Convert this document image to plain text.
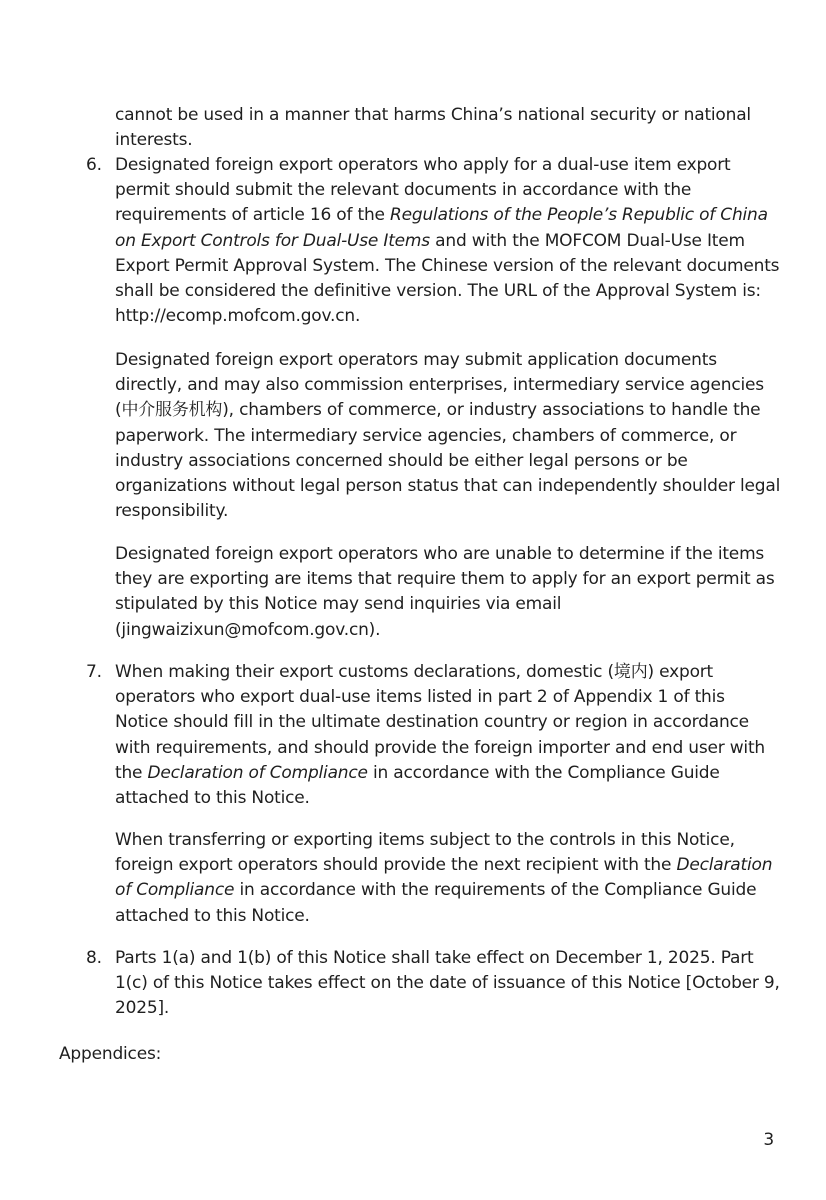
cannot be used in a manner that harms China’s national security or national interests.

6. Designated foreign export operators who apply for a dual-use item export permit should submit the relevant documents in accordance with the requirements of article 16 of the Regulations of the People’s Republic of China on Export Controls for Dual-Use Items and with the MOFCOM Dual-Use Item Export Permit Approval System. The Chinese version of the relevant documents shall be considered the definitive version. The URL of the Approval System is: http://ecomp.mofcom.gov.cn.

Designated foreign export operators may submit application documents directly, and may also commission enterprises, intermediary service agencies (中介服务机构), chambers of commerce, or industry associations to handle the paperwork. The intermediary service agencies, chambers of commerce, or industry associations concerned should be either legal persons or be organizations without legal person status that can independently shoulder legal responsibility.

Designated foreign export operators who are unable to determine if the items they are exporting are items that require them to apply for an export permit as stipulated by this Notice may send inquiries via email (jingwaizixun@mofcom.gov.cn).

7. When making their export customs declarations, domestic (境内) export operators who export dual-use items listed in part 2 of Appendix 1 of this Notice should fill in the ultimate destination country or region in accordance with requirements, and should provide the foreign importer and end user with the Declaration of Compliance in accordance with the Compliance Guide attached to this Notice.

When transferring or exporting items subject to the controls in this Notice, foreign export operators should provide the next recipient with the Declaration of Compliance in accordance with the requirements of the Compliance Guide attached to this Notice.

8. Parts 1(a) and 1(b) of this Notice shall take effect on December 1, 2025. Part 1(c) of this Notice takes effect on the date of issuance of this Notice [October 9, 2025].

Appendices:

3
